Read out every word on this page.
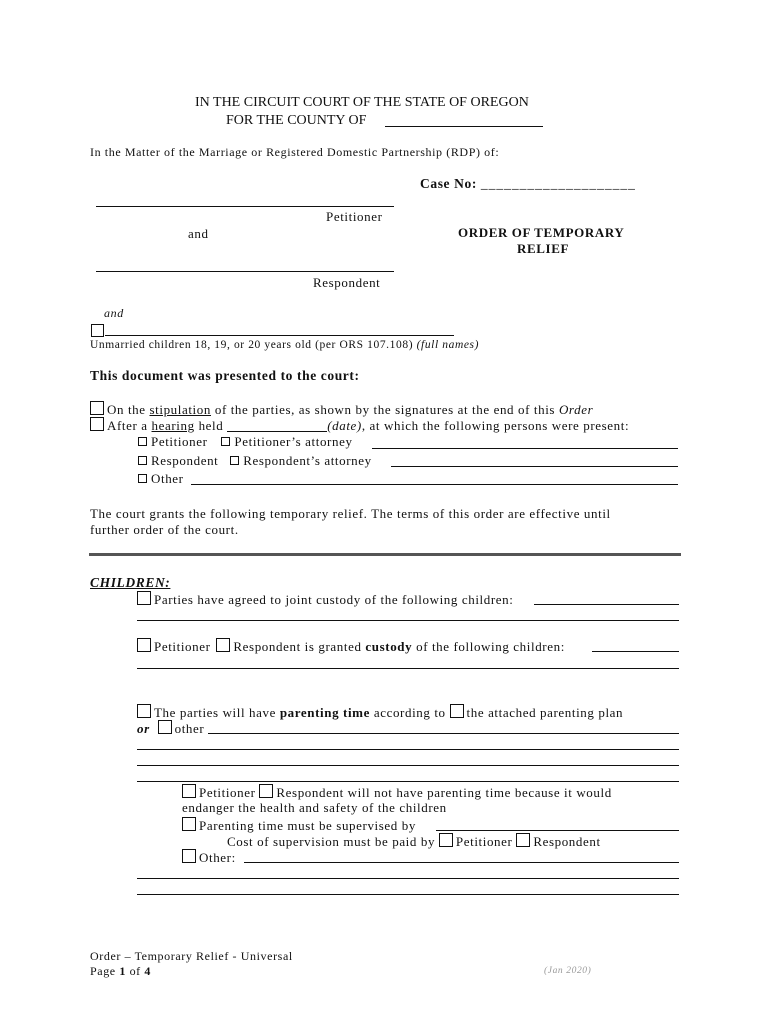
IN THE CIRCUIT COURT OF THE STATE OF OREGON
FOR THE COUNTY OF
In the Matter of the Marriage or Registered Domestic Partnership (RDP) of:
Case No: ____________________
Petitioner
and	ORDER OF TEMPORARY
RELIEF
Respondent
and
Unmarried children 18, 19, or 20 years old (per ORS 107.108) (full names)
This document was presented to the court:
On the stipulation of the parties, as shown by the signatures at the end of this Order
After a hearing held	(date), at which the following persons were present:
Petitioner Petitioner’s attorney
Respondent Respondent’s attorney
Other
The court grants the following temporary relief. The terms of this order are effective until
further order of the court.
CHILDREN:
Parties have agreed to joint custody of the following children:
Petitioner Respondent is granted custody of the following children:
The parties will have parenting time according to the attached parenting plan
or other
Petitioner Respondent will not have parenting time because it would
endanger the health and safety of the children
Parenting time must be supervised by
Cost of supervision must be paid by Petitioner Respondent
Other:
Order – Temporary Relief - Universal
Page 1 of 4	(Jan 2020)
